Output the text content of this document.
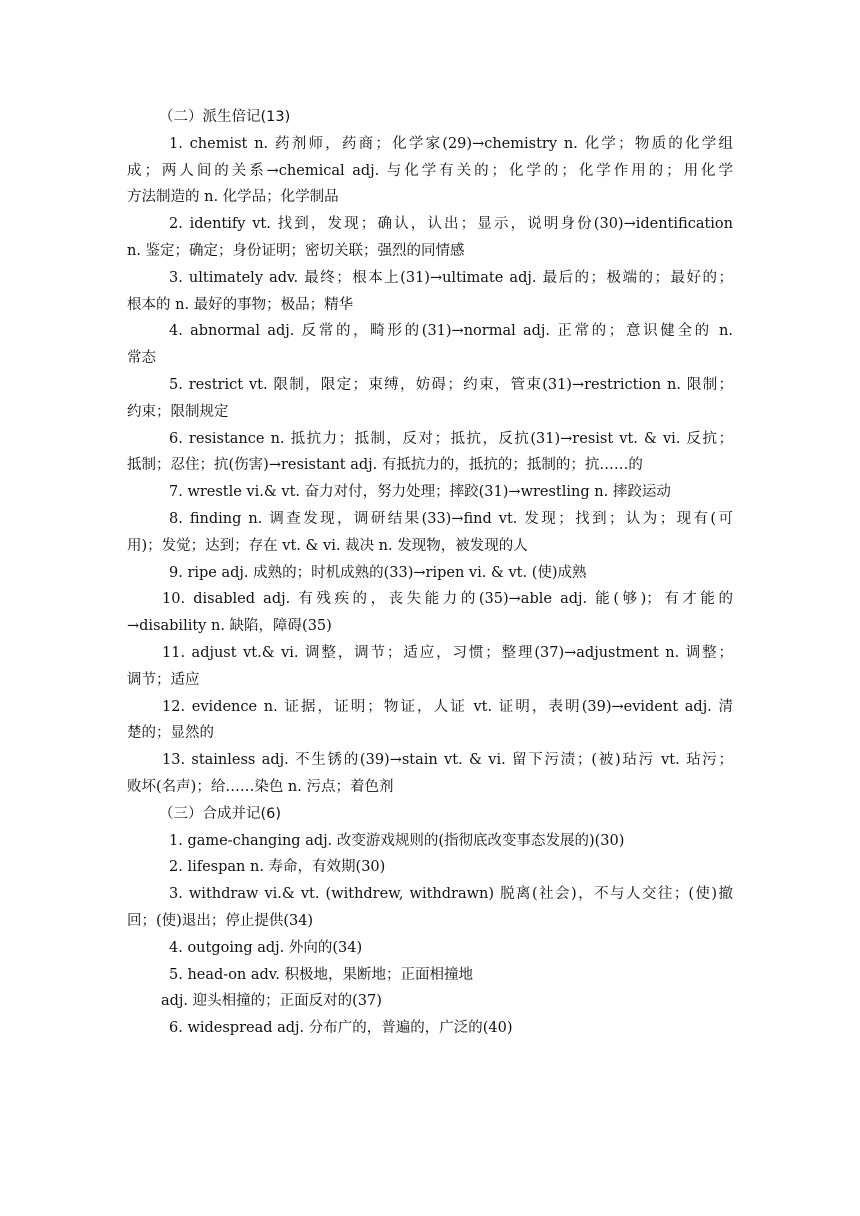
（二）派生倍记(13)
1. chemist n. 药剂师，药商；化学家(29)→chemistry n. 化学；物质的化学组
成；两人间的关系→chemical adj. 与化学有关的；化学的；化学作用的；用化学
方法制造的 n. 化学品；化学制品
2. identify vt. 找到，发现；确认，认出；显示，说明身份(30)→identification
n. 鉴定；确定；身份证明；密切关联；强烈的同情感
3. ultimately adv. 最终；根本上(31)→ultimate adj. 最后的；极端的；最好的；
根本的 n. 最好的事物；极品；精华
4. abnormal adj. 反常的，畸形的(31)→normal adj. 正常的；意识健全的 n.
常态
5. restrict vt. 限制，限定；束缚，妨碍；约束，管束(31)→restriction n. 限制；
约束；限制规定
6. resistance n. 抵抗力；抵制，反对；抵抗，反抗(31)→resist vt. & vi. 反抗；
抵制；忍住；抗(伤害)→resistant adj. 有抵抗力的，抵抗的；抵制的；抗……的
7. wrestle vi.& vt. 奋力对付，努力处理；摔跤(31)→wrestling n. 摔跤运动
8. finding n. 调查发现，调研结果(33)→find vt. 发现；找到；认为；现有(可
用)；发觉；达到；存在 vt. & vi. 裁决 n. 发现物，被发现的人
9. ripe adj. 成熟的；时机成熟的(33)→ripen vi. & vt. (使)成熟
10. disabled adj. 有残疾的，丧失能力的(35)→able adj. 能(够)；有才能的
→disability n. 缺陷，障碍(35)
11. adjust vt.& vi. 调整，调节；适应，习惯；整理(37)→adjustment n. 调整；
调节；适应
12. evidence n. 证据，证明；物证，人证 vt. 证明，表明(39)→evident adj. 清
楚的；显然的
13. stainless adj. 不生锈的(39)→stain vt. & vi. 留下污渍；(被)玷污 vt. 玷污；
败坏(名声)；给……染色 n. 污点；着色剂
（三）合成并记(6)
1. game-changing adj. 改变游戏规则的(指彻底改变事态发展的)(30)
2. lifespan n. 寿命，有效期(30)
3. withdraw vi.& vt. (withdrew, withdrawn) 脱离(社会)，不与人交往；(使)撤
回；(使)退出；停止提供(34)
4. outgoing adj. 外向的(34)
5. head-on adv. 积极地，果断地；正面相撞地
adj. 迎头相撞的；正面反对的(37)
6. widespread adj. 分布广的，普遍的，广泛的(40)
